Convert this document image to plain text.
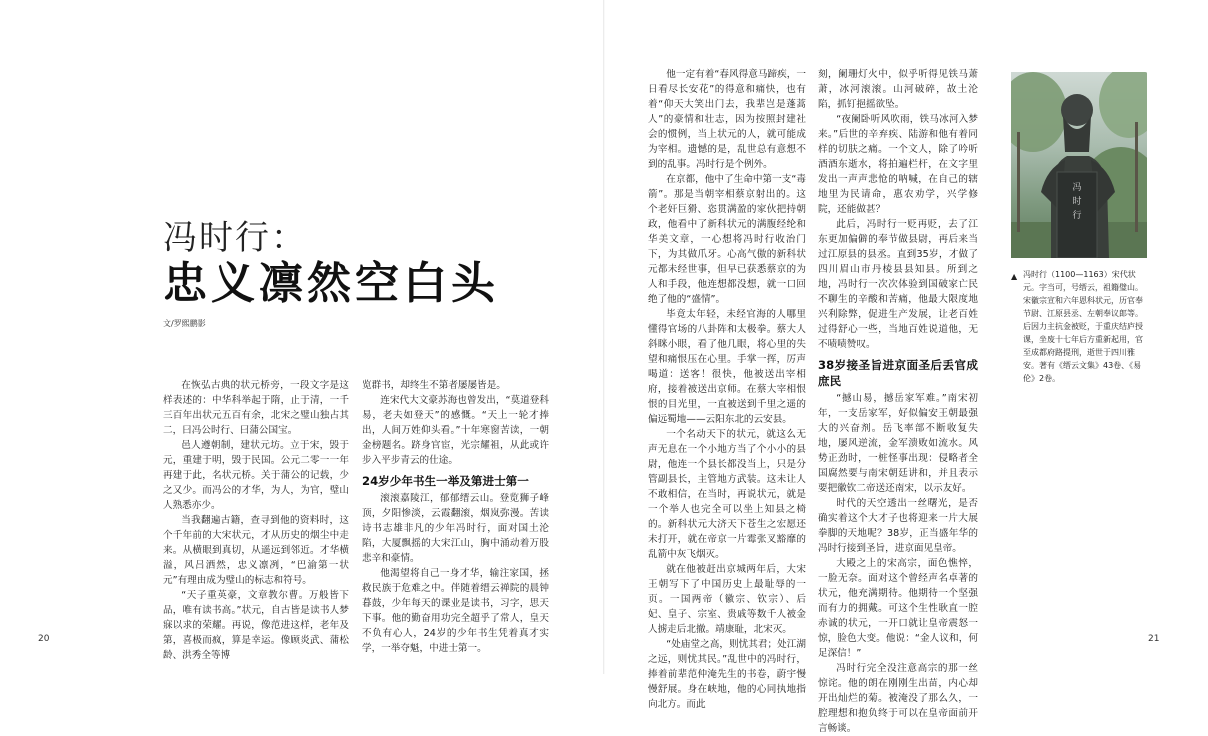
冯时行：
忠义凛然空白头
文/罗熙鹏影

在恢弘古典的状元桥旁，一段文字是这样表述的：中华科举起于隋，止于清，一千三百年出状元五百有余，北宋之璧山独占其二，曰冯公时行、曰蒲公国宝。

邑人遵朝制，建状元坊。立于宋，毁于元，重建于明，毁于民国。公元二零一一年再建于此，名状元桥。关于蒲公的记载，少之又少。而冯公的才华，为人，为官，璧山人熟悉亦少。

当我翻遍古籍，查寻到他的资料时，这个千年前的大宋状元，才从历史的烟尘中走来。从横眼到真切，从遥远到邻近。才华横溢，风吕洒然，忠义凛冽，“巴渝第一状元”有理由成为璧山的标志和符号。

“天子重英豪，文章教尔曹。万般皆下品，唯有读书高。”状元，自古皆是读书人梦寐以求的荣耀。再说，像范进这样，老年及第，喜极而疯，算是幸运。像顾炎武、蒲松龄、洪秀全等博

览群书，却终生不第者屡屡皆是。

连宋代大文豪苏海也曾发出，“莫道登科易，老夫如登天”的感慨。“天上一轮才捧出，人间万姓仰头看。”十年寒窗苦读，一朝金榜题名。跻身官宦，光宗耀祖，从此或许步入平步青云的仕途。

24岁少年书生一举及第进士第一

滚滚嘉陵江，郁郁缙云山。登览狮子峰顶，夕阳惨淡，云霞翻滚，烟岚弥漫。苦读诗书志雄非凡的少年冯时行，面对国土沦陷，大厦飘摇的大宋江山，胸中涌动着万股悲辛和豪情。

他渴望将自己一身才华，输注家国，拯救民族于危难之中。伴随着缙云禅院的晨钟暮鼓，少年每天的课业是读书，习字，思天下事。他的勤奋用功完全超乎了常人，皇天不负有心人，24岁的少年书生凭着真才实学，一举夺魁，中进士第一。

他一定有着“春风得意马蹄疾，一日看尽长安花”的得意和痛快，也有着“仰天大笑出门去，我辈岂是蓬蒿人”的豪情和壮志，因为按照封建社会的惯例，当上状元的人，就可能成为宰相。遗憾的是，乱世总有意想不到的乱事。冯时行是个例外。

在京都，他中了生命中第一支“毒箭”。那是当朝宰相蔡京射出的。这个老奸巨猾、恣贯满盈的家伙把持朝政，他看中了新科状元的满腹经纶和华美文章，一心想将冯时行收治门下，为其做爪牙。心高气傲的新科状元都未经世事，但早已获悉蔡京的为人和手段，他连想都没想，就一口回绝了他的“盛情”。

毕竟太年轻，未经官海的人哪里懂得官场的八卦阵和太极拳。蔡大人斜眯小眼，看了他几眼，将心里的失望和痛恨压在心里。手掌一挥，厉声喝道：送客！很快，他被送出宰相府，接着被送出京师。在蔡大宰相恨恨的目光里，一直被送到千里之遥的偏远蜀地——云阳东北的云安县。

一个名动天下的状元，就这么无声无息在一个小地方当了个小小的县尉，他连一个县长都没当上，只是分管副县长，主管地方武装。这未让人不敢相信，在当时，再说状元，就是一个举人也完全可以坐上知县之椅的。新科状元大济天下苍生之宏愿还未打开，就在帝京一片霉张叉豁靡的乱箭中灰飞烟灭。

就在他被赶出京城两年后，大宋王朝写下了中国历史上最耻辱的一页。一国两帝（徽宗、钦宗）、后妃、皇子、宗室、贵戚等数千人被金人掳走后北撤。靖康耻，北宋灭。

“处庙堂之高，则忧其君；处江湖之远，则忧其民。”乱世中的冯时行，捧着前辈范仲淹先生的书卷，蔚宇慢慢舒展。身在峡地，他的心同执地指向北方。而此

刻，阑珊灯火中，似乎听得见铁马萧萧，冰河滚滚。山河破碎，故土沦陷，抓钉挹摇欲坠。

“夜阑卧听风吹雨，铁马冰河入梦来。”后世的辛弃疾、陆游和他有着同样的切肤之痛。一个文人，除了吟听酒酒东逝水，将拍遍栏杆，在文字里发出一声声悲怆的呐喊，在自己的辖地里为民请命，惠农劝学，兴学修院，还能做甚？

此后，冯时行一贬再贬，去了江东更加偏僻的奉节做县尉，再后来当过江原县的县丞。直到35岁，才做了四川眉山市丹棱县县知县。所到之地，冯时行一次次体验到国破家亡民不聊生的辛酸和苦痛，他最大限度地兴利除弊，促进生产发展，让老百姓过得舒心一些，当地百姓说道他，无不啧啧赞叹。

38岁接圣旨进京面圣后丢官成庶民

“撼山易，撼岳家军难。”南宋初年，一支岳家军，好似偏安王朝最强大的兴奋剂。岳飞率部不断收复失地，屡风逆流，金军溃败如流水。风势正劲时，一桩怪事出现：侵略者全国腐然要与南宋朝廷讲和，并且表示要把徽钦二帝送还南宋，以示友好。

时代的天空透出一丝曙光，是否确实着这个大才子也将迎来一片大展拳脚的天地呢？38岁，正当盛年华的冯时行接到圣旨，进京面见皇帝。

大殿之上的宋高宗，面色憔悴，一脸无奈。面对这个曾经声名卓著的状元，他充满期待。他期待一个坚强而有力的拥戴。可这个生性耿直一腔赤诚的状元，一开口就让皇帝震怒一惊，脸色大变。他说：“金人议和，何足深信！”

冯时行完全没注意高宗的那一丝惊诧。他的朗在刚刚生出苗，内心却开出灿烂的菊。被淹没了那么久，一腔理想和抱负终于可以在皇帝面前开言畅谈。

冯
时
行
▲ 冯时行（1100—1163）宋代状元。字当可，号缙云，祖籍璧山。宋徽宗宣和六年恩科状元，历官奉节尉、江原县丞、左朝奉议郎等。后因力主抗金被贬，于重庆结庐授课，坐废十七年后方重新起用，官至成都府路提刑，逝世于四川雅安。著有《缙云文集》43卷、《易伦》2卷。
20	21
